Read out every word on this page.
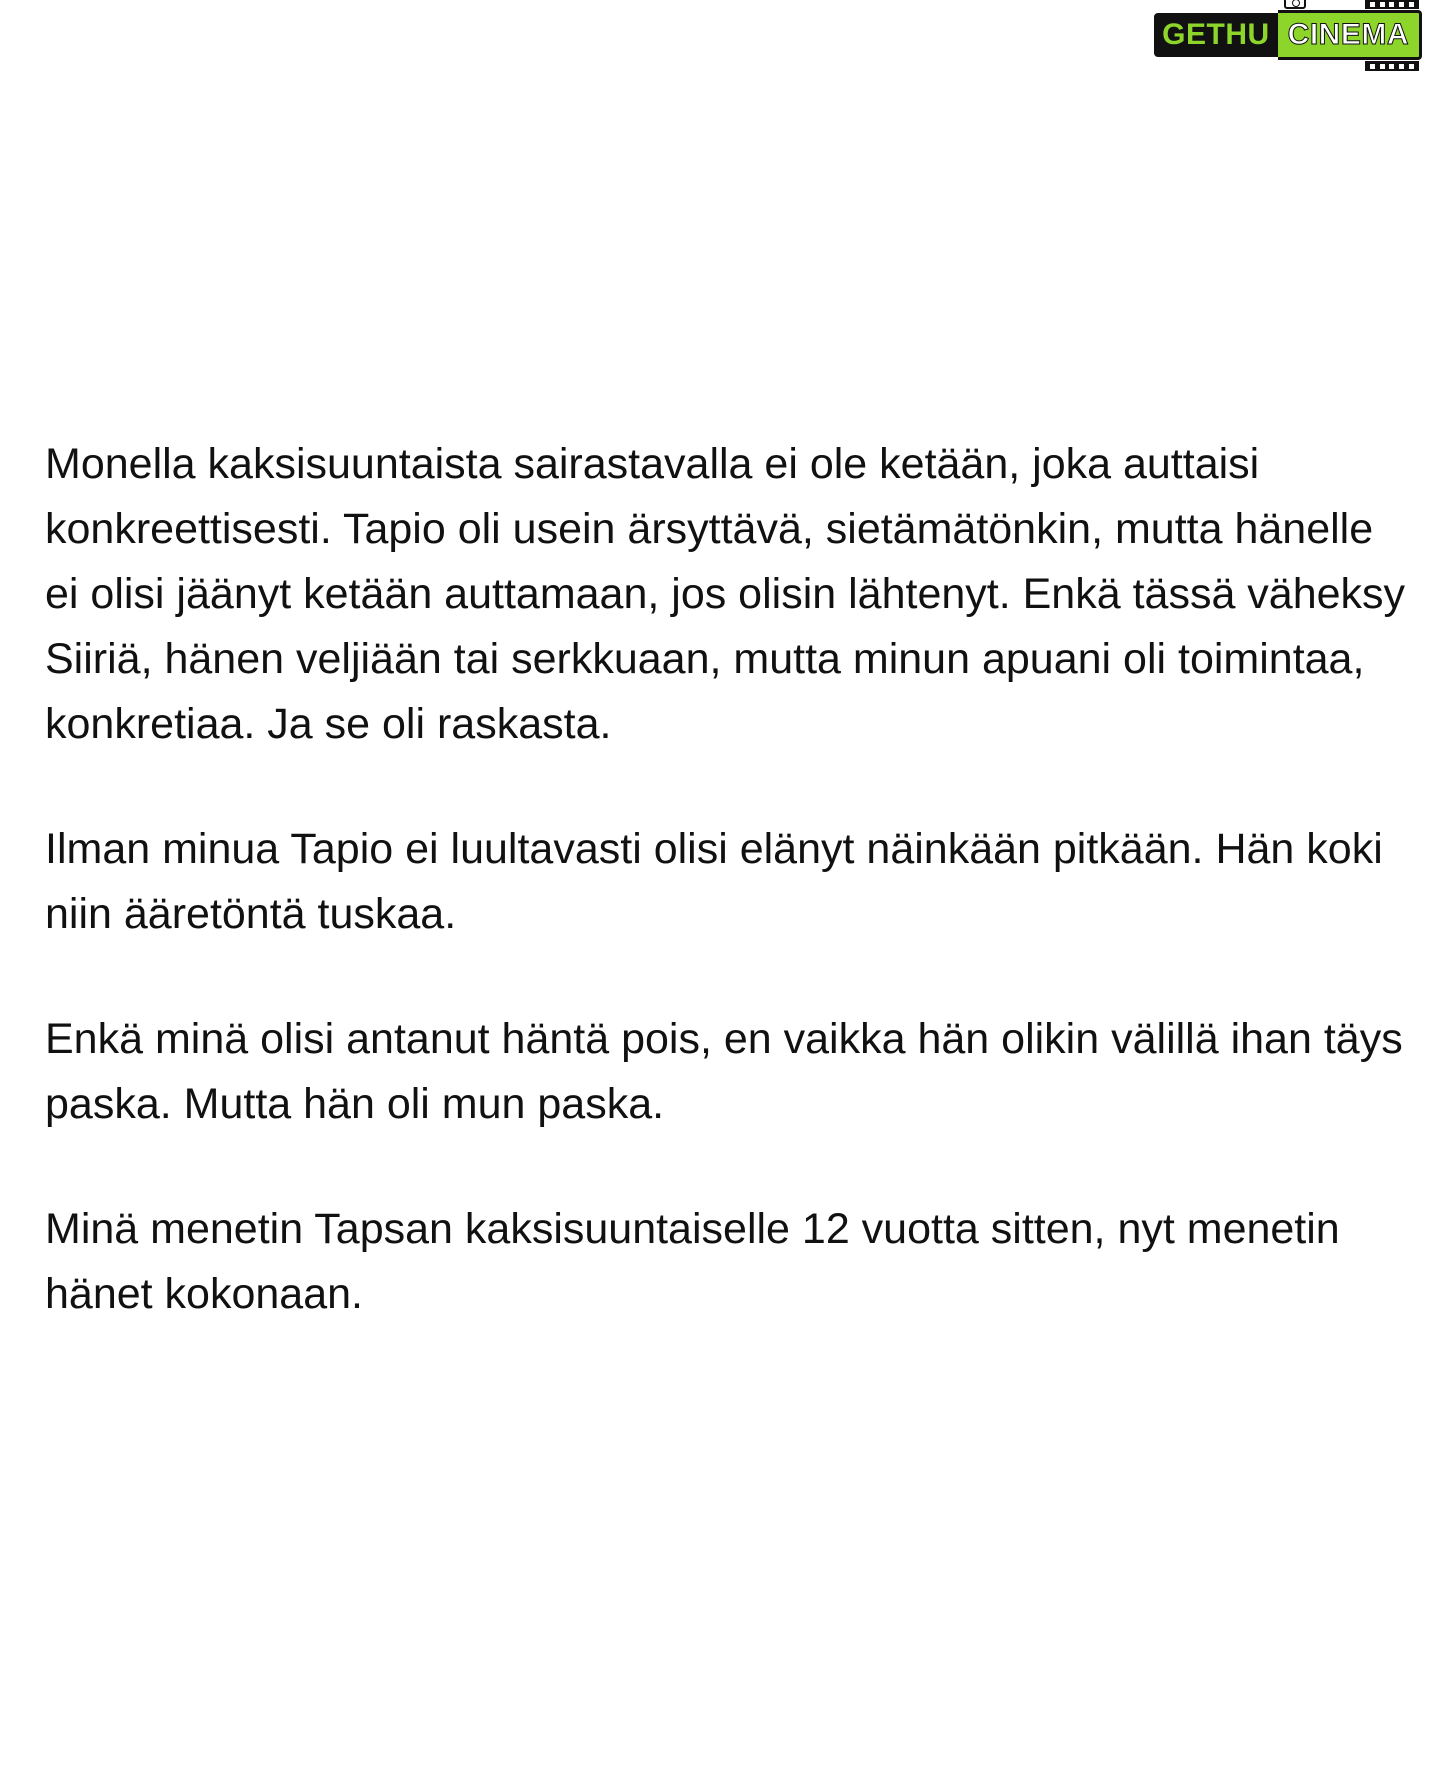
GETHU CINEMA

Monella kaksisuuntaista sairastavalla ei ole ketään, joka auttaisi konkreettisesti. Tapio oli usein ärsyttävä, sietämätönkin, mutta hänelle ei olisi jäänyt ketään auttamaan, jos olisin lähtenyt. Enkä tässä väheksy Siiriä, hänen veljiään tai serkkuaan, mutta minun apuani oli toimintaa, konkretiaa. Ja se oli raskasta.

Ilman minua Tapio ei luultavasti olisi elänyt näinkään pitkään. Hän koki niin ääretöntä tuskaa.

Enkä minä olisi antanut häntä pois, en vaikka hän olikin välillä ihan täys paska. Mutta hän oli mun paska.

Minä menetin Tapsan kaksisuuntaiselle 12 vuotta sitten, nyt menetin hänet kokonaan.
